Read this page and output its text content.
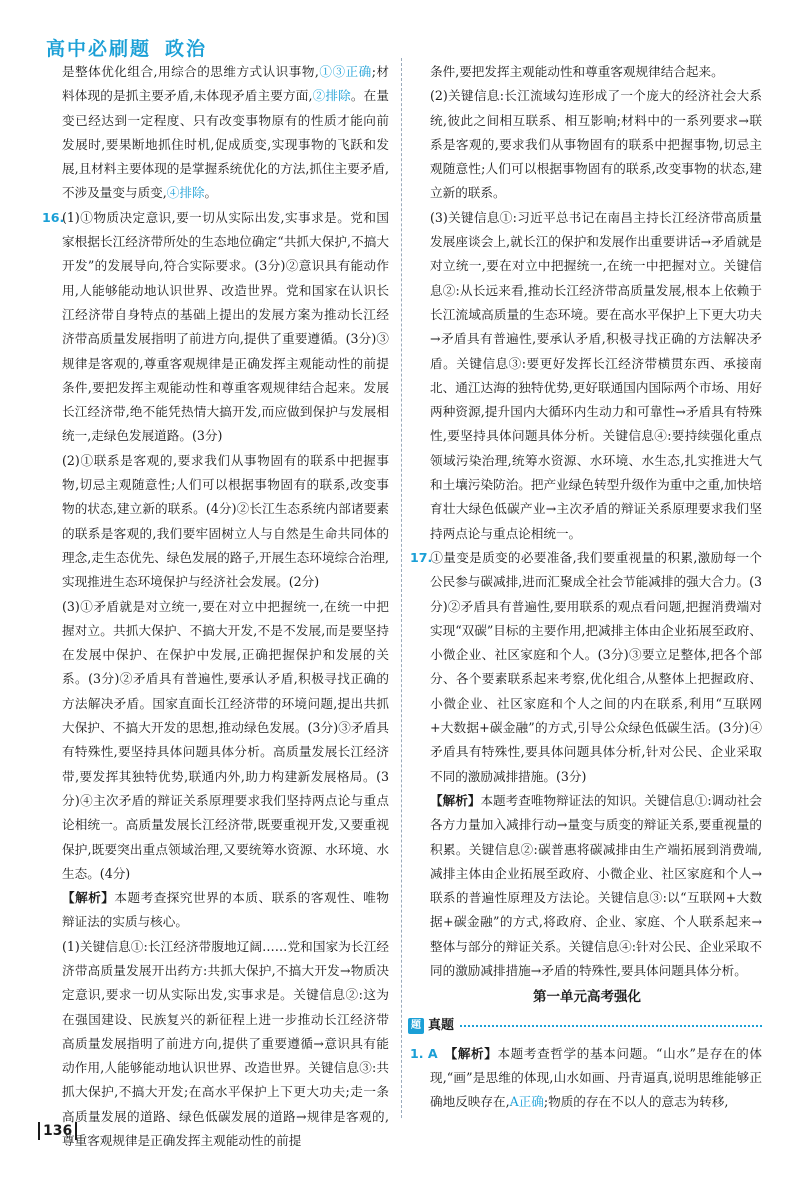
高中必刷题 政治

是整体优化组合,用综合的思维方式认识事物,①③正确;材料体现的是抓主要矛盾,未体现矛盾主要方面,②排除。在量变已经达到一定程度、只有改变事物原有的性质才能向前发展时,要果断地抓住时机,促成质变,实现事物的飞跃和发展,且材料主要体现的是掌握系统优化的方法,抓住主要矛盾,不涉及量变与质变,④排除。

16.(1)①物质决定意识,要一切从实际出发,实事求是。党和国家根据长江经济带所处的生态地位确定“共抓大保护,不搞大开发”的发展导向,符合实际要求。(3分)②意识具有能动作用,人能够能动地认识世界、改造世界。党和国家在认识长江经济带自身特点的基础上提出的发展方案为推动长江经济带高质量发展指明了前进方向,提供了重要遵循。(3分)③规律是客观的,尊重客观规律是正确发挥主观能动性的前提条件,要把发挥主观能动性和尊重客观规律结合起来。发展长江经济带,绝不能凭热情大搞开发,而应做到保护与发展相统一,走绿色发展道路。(3分)

(2)①联系是客观的,要求我们从事物固有的联系中把握事物,切忌主观随意性;人们可以根据事物固有的联系,改变事物的状态,建立新的联系。(4分)②长江生态系统内部诸要素的联系是客观的,我们要牢固树立人与自然是生命共同体的理念,走生态优先、绿色发展的路子,开展生态环境综合治理,实现推进生态环境保护与经济社会发展。(2分)

(3)①矛盾就是对立统一,要在对立中把握统一,在统一中把握对立。共抓大保护、不搞大开发,不是不发展,而是要坚持在发展中保护、在保护中发展,正确把握保护和发展的关系。(3分)②矛盾具有普遍性,要承认矛盾,积极寻找正确的方法解决矛盾。国家直面长江经济带的环境问题,提出共抓大保护、不搞大开发的思想,推动绿色发展。(3分)③矛盾具有特殊性,要坚持具体问题具体分析。高质量发展长江经济带,要发挥其独特优势,联通内外,助力构建新发展格局。(3分)④主次矛盾的辩证关系原理要求我们坚持两点论与重点论相统一。高质量发展长江经济带,既要重视开发,又要重视保护,既要突出重点领域治理,又要统筹水资源、水环境、水生态。(4分)

【解析】本题考查探究世界的本质、联系的客观性、唯物辩证法的实质与核心。

(1)关键信息①:长江经济带腹地辽阔……党和国家为长江经济带高质量发展开出药方:共抓大保护,不搞大开发→物质决定意识,要求一切从实际出发,实事求是。关键信息②:这为在强国建设、民族复兴的新征程上进一步推动长江经济带高质量发展指明了前进方向,提供了重要遵循→意识具有能动作用,人能够能动地认识世界、改造世界。关键信息③:共抓大保护,不搞大开发;在高水平保护上下更大功夫;走一条高质量发展的道路、绿色低碳发展的道路→规律是客观的,尊重客观规律是正确发挥主观能动性的前提

条件,要把发挥主观能动性和尊重客观规律结合起来。

(2)关键信息:长江流域勾连形成了一个庞大的经济社会大系统,彼此之间相互联系、相互影响;材料中的一系列要求→联系是客观的,要求我们从事物固有的联系中把握事物,切忌主观随意性;人们可以根据事物固有的联系,改变事物的状态,建立新的联系。

(3)关键信息①:习近平总书记在南昌主持长江经济带高质量发展座谈会上,就长江的保护和发展作出重要讲话→矛盾就是对立统一,要在对立中把握统一,在统一中把握对立。关键信息②:从长远来看,推动长江经济带高质量发展,根本上依赖于长江流域高质量的生态环境。要在高水平保护上下更大功夫→矛盾具有普遍性,要承认矛盾,积极寻找正确的方法解决矛盾。关键信息③:要更好发挥长江经济带横贯东西、承接南北、通江达海的独特优势,更好联通国内国际两个市场、用好两种资源,提升国内大循环内生动力和可靠性→矛盾具有特殊性,要坚持具体问题具体分析。关键信息④:要持续强化重点领域污染治理,统筹水资源、水环境、水生态,扎实推进大气和土壤污染防治。把产业绿色转型升级作为重中之重,加快培育壮大绿色低碳产业→主次矛盾的辩证关系原理要求我们坚持两点论与重点论相统一。

17.①量变是质变的必要准备,我们要重视量的积累,激励每一个公民参与碳减排,进而汇聚成全社会节能减排的强大合力。(3分)②矛盾具有普遍性,要用联系的观点看问题,把握消费端对实现“双碳”目标的主要作用,把减排主体由企业拓展至政府、小微企业、社区家庭和个人。(3分)③要立足整体,把各个部分、各个要素联系起来考察,优化组合,从整体上把握政府、小微企业、社区家庭和个人之间的内在联系,利用“互联网+大数据+碳金融”的方式,引导公众绿色低碳生活。(3分)④矛盾具有特殊性,要具体问题具体分析,针对公民、企业采取不同的激励减排措施。(3分)

【解析】本题考查唯物辩证法的知识。关键信息①:调动社会各方力量加入减排行动→量变与质变的辩证关系,要重视量的积累。关键信息②:碳普惠将碳减排由生产端拓展到消费端,减排主体由企业拓展至政府、小微企业、社区家庭和个人→联系的普遍性原理及方法论。关键信息③:以“互联网+大数据+碳金融”的方式,将政府、企业、家庭、个人联系起来→整体与部分的辩证关系。关键信息④:针对公民、企业采取不同的激励减排措施→矛盾的特殊性,要具体问题具体分析。

第一单元高考强化
题 真题

1. A 【解析】本题考查哲学的基本问题。“山水”是存在的体现,“画”是思维的体现,山水如画、丹青逼真,说明思维能够正确地反映存在,A正确;物质的存在不以人的意志为转移,

136
